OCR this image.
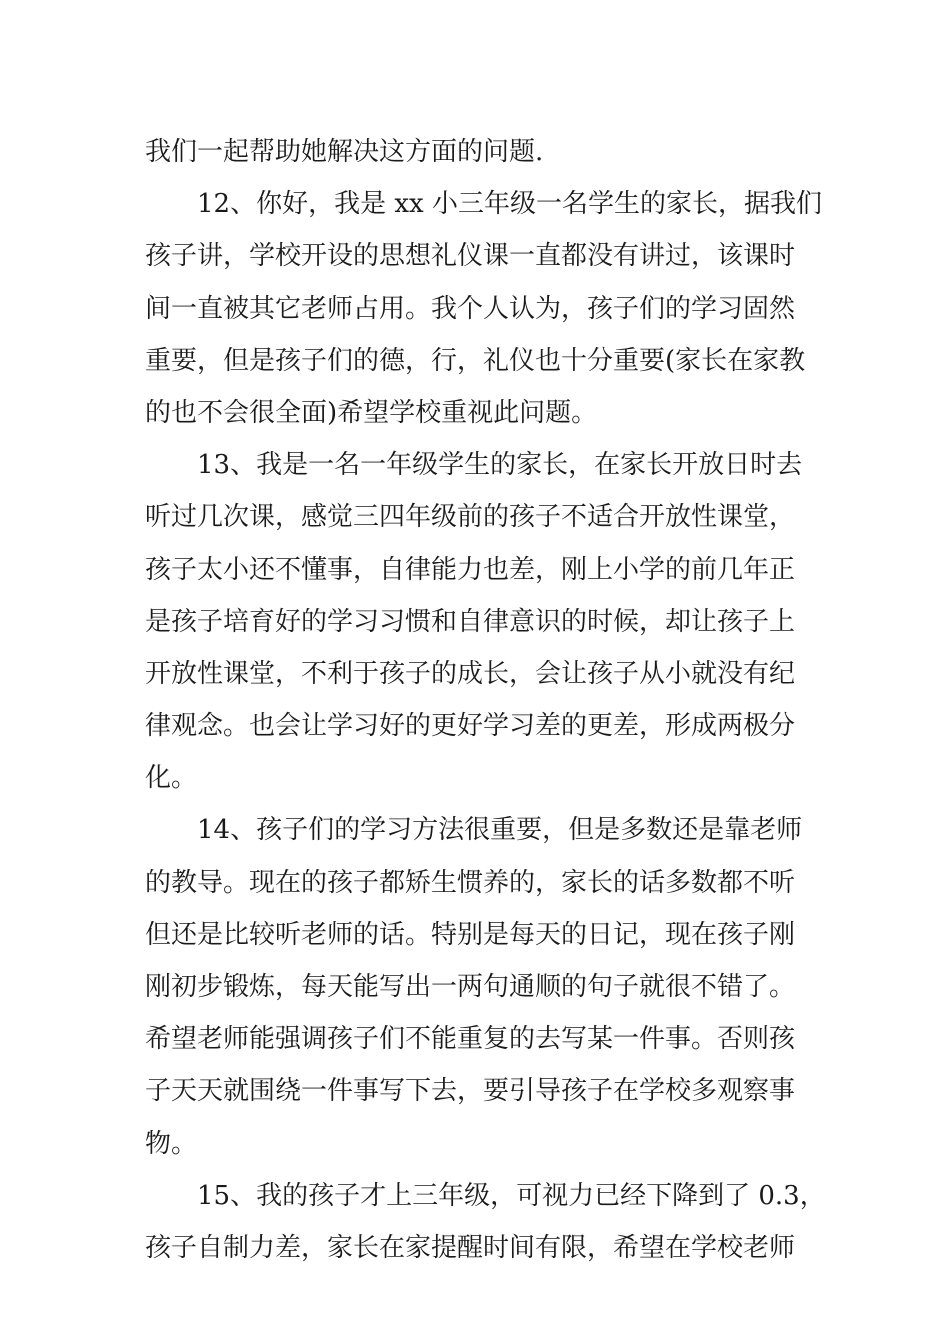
我们一起帮助她解决这方面的问题.
12、你好，我是 xx 小三年级一名学生的家长，据我们
孩子讲，学校开设的思想礼仪课一直都没有讲过，该课时
间一直被其它老师占用。我个人认为，孩子们的学习固然
重要，但是孩子们的德，行，礼仪也十分重要(家长在家教
的也不会很全面)希望学校重视此问题。
13、我是一名一年级学生的家长，在家长开放日时去
听过几次课，感觉三四年级前的孩子不适合开放性课堂，
孩子太小还不懂事，自律能力也差，刚上小学的前几年正
是孩子培育好的学习习惯和自律意识的时候，却让孩子上
开放性课堂，不利于孩子的成长，会让孩子从小就没有纪
律观念。也会让学习好的更好学习差的更差，形成两极分
化。
14、孩子们的学习方法很重要，但是多数还是靠老师
的教导。现在的孩子都矫生惯养的，家长的话多数都不听
但还是比较听老师的话。特别是每天的日记，现在孩子刚
刚初步锻炼，每天能写出一两句通顺的句子就很不错了。
希望老师能强调孩子们不能重复的去写某一件事。否则孩
子天天就围绕一件事写下去，要引导孩子在学校多观察事
物。
15、我的孩子才上三年级，可视力已经下降到了 0.3，
孩子自制力差，家长在家提醒时间有限，希望在学校老师
